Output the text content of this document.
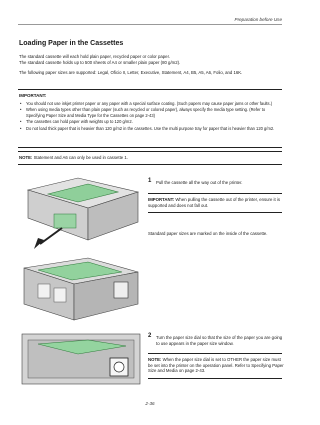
Preparation before Use
Loading Paper in the Cassettes

The standard cassette will each hold plain paper, recycled paper or color paper.

The standard cassette holds up to 500 sheets of A4 or smaller plain paper (80 g/m2).

The following paper sizes are supported: Legal, Oficio II, Letter, Executive, Statement, A4, B5, A5, A6, Folio, and 16K.

IMPORTANT:
• You should not use inkjet printer paper or any paper with a special surface coating. (Such papers may cause paper jams or other faults.)
• When using media types other than plain paper (such as recycled or colored paper), always specify the media type setting. (Refer to Specifying Paper Size and Media Type for the Cassettes on page 2-43)
• The cassettes can hold paper with weights up to 120 g/m2.
• Do not load thick paper that is heavier than 120 g/m2 in the cassettes. Use the multi purpose tray for paper that is heavier than 120 g/m2.
NOTE: Statement and A6 can only be used in cassette 1.
1 Pull the cassette all the way out of the printer.
IMPORTANT: When pulling the cassette out of the printer, ensure it is supported and does not fall out.
Standard paper sizes are marked on the inside of the cassette.
2 Turn the paper size dial so that the size of the paper you are going to use appears in the paper size window.
NOTE: When the paper size dial is set to OTHER the paper size must be set into the printer on the operation panel. Refer to Specifying Paper Size and Media on page 2-43.
2-36
